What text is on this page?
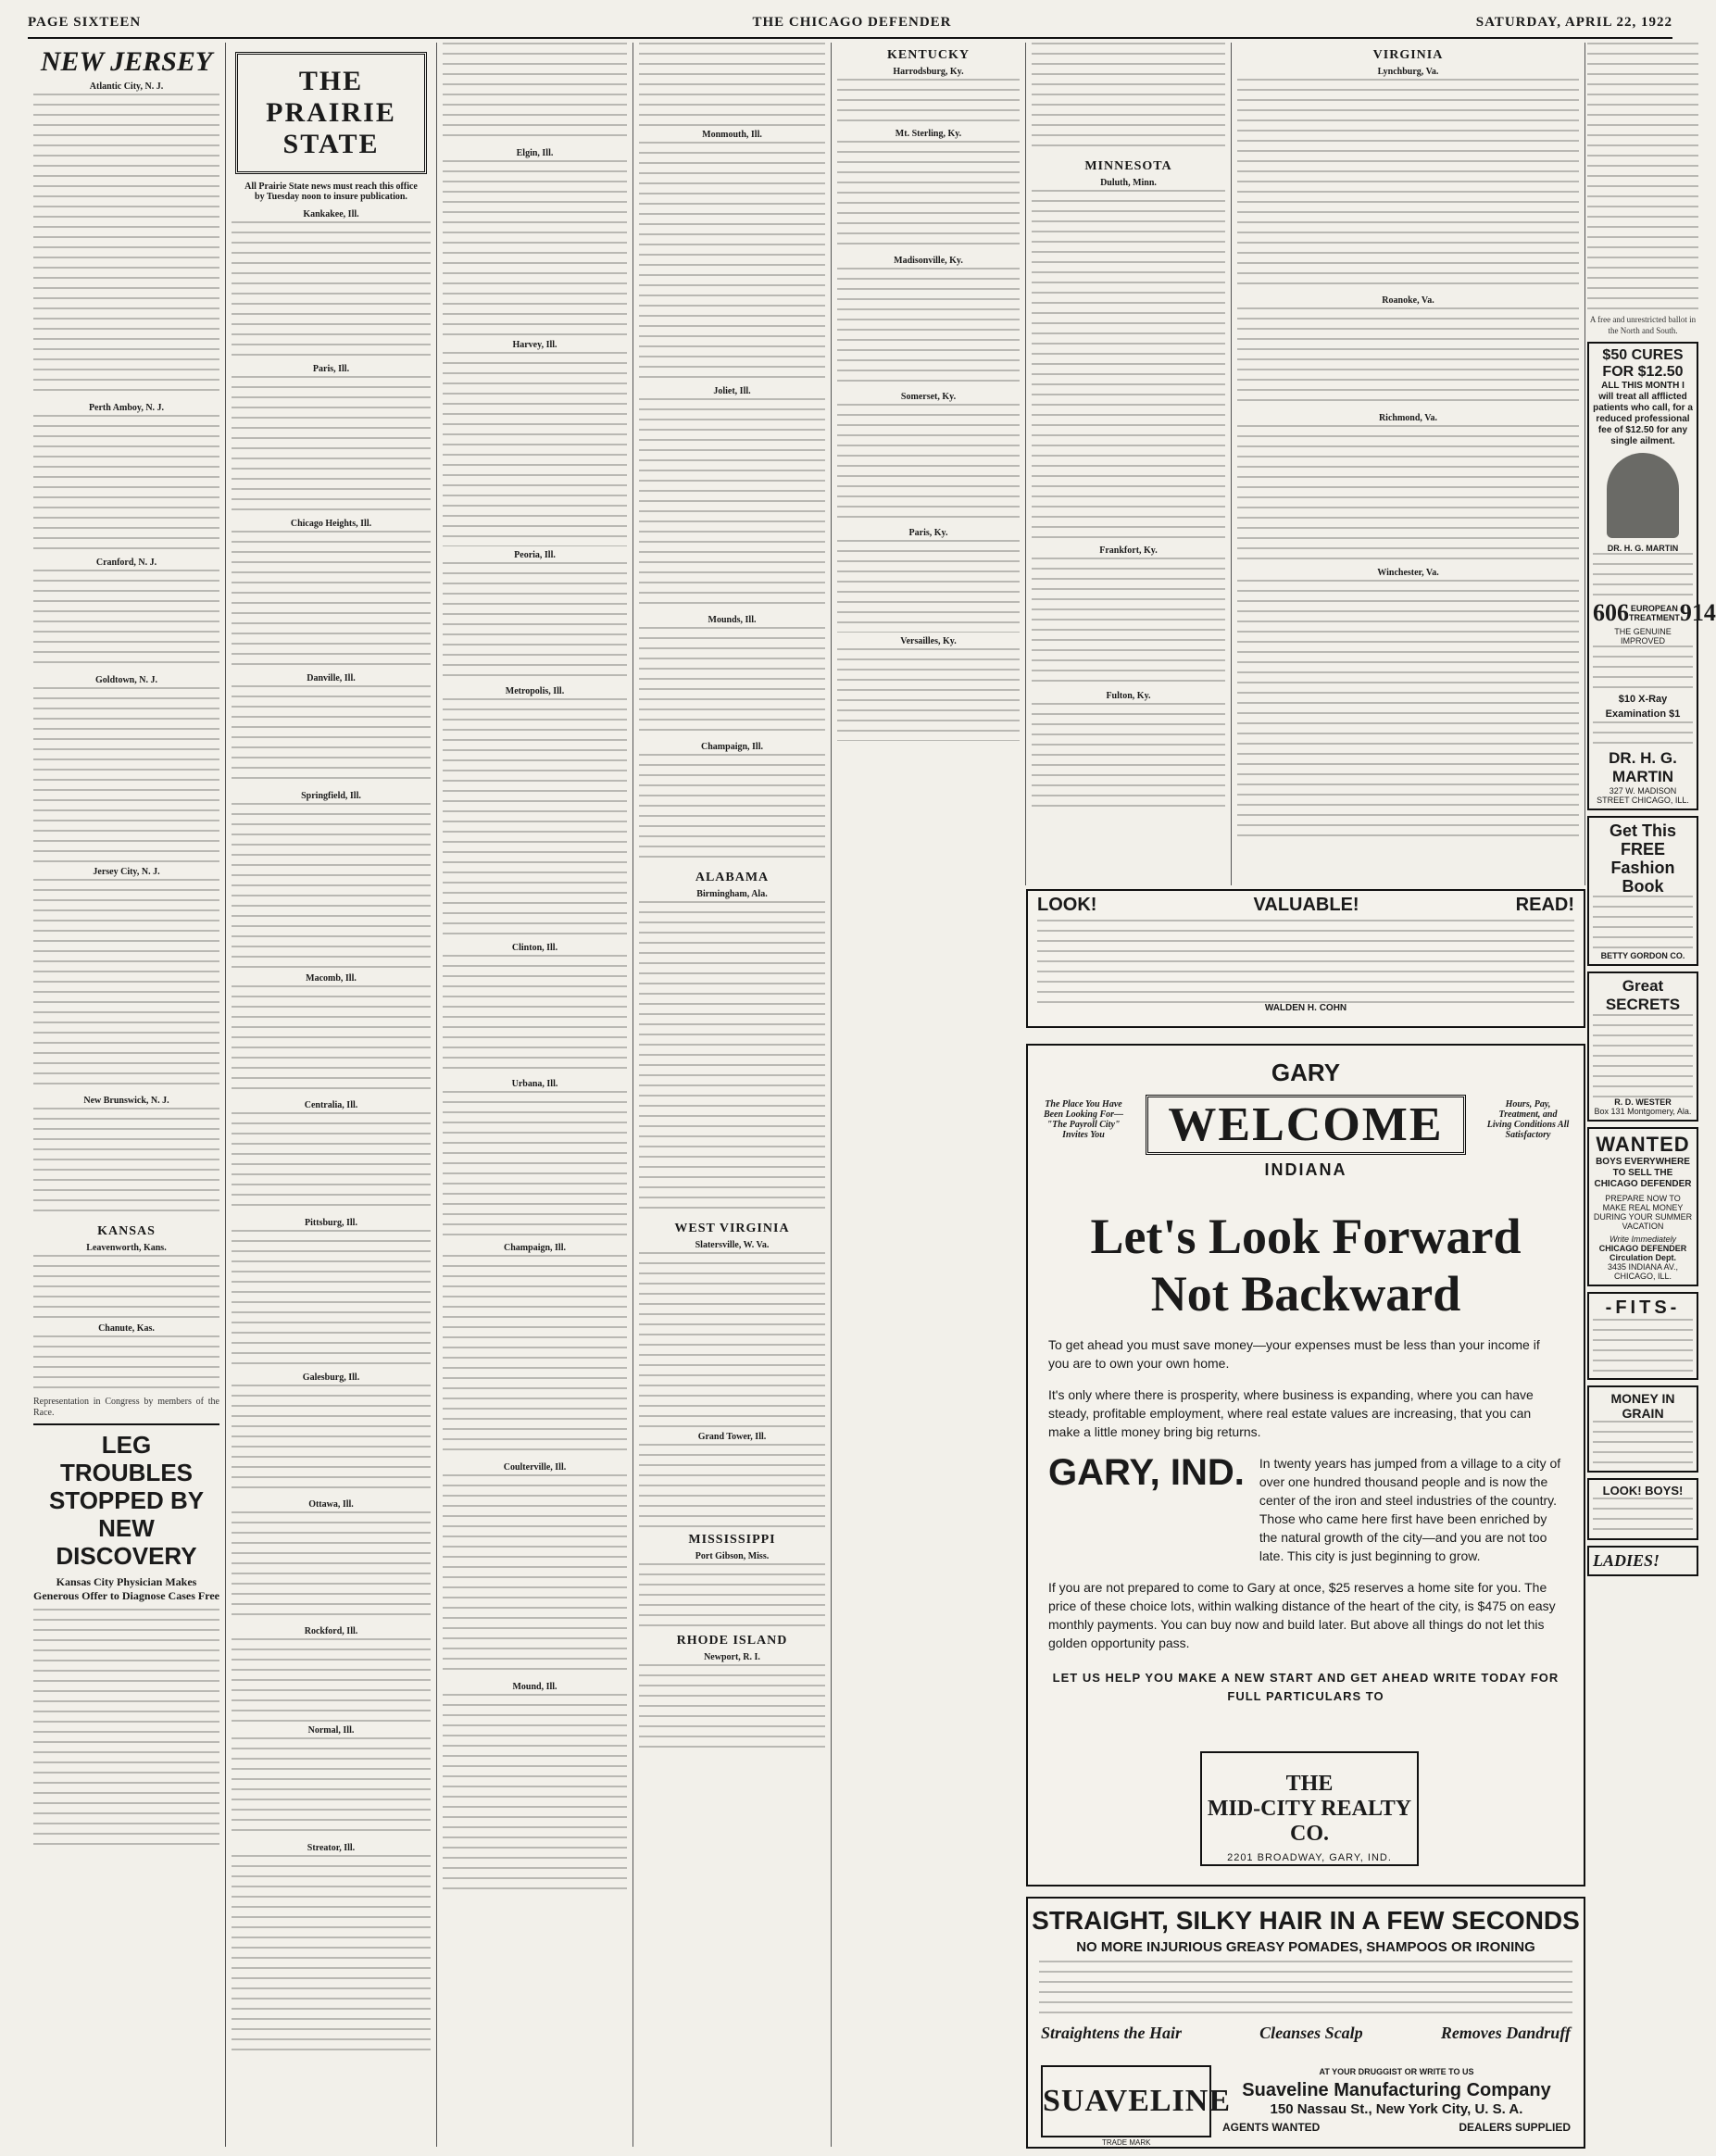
PAGE SIXTEEN	THE CHICAGO DEFENDER	SATURDAY, APRIL 22, 1922
NEW JERSEY
Atlantic City, N. J.
Perth Amboy, N. J.
Cranford, N. J.
Goldtown, N. J.
Jersey City, N. J.
New Brunswick, N. J.
KANSAS
Leavenworth, Kans.
Chanute, Kas.
Representation in Congress by members of the Race.
LEG TROUBLES STOPPED BY NEW DISCOVERY
Kansas City Physician Makes Generous Offer to Diagnose Cases Free
THE PRAIRIE STATE
All Prairie State news must reach this office by Tuesday noon to insure publication.
Kankakee, Ill.
Paris, Ill.
Chicago Heights, Ill.
Danville, Ill.
Springfield, Ill.
Macomb, Ill.
Centralia, Ill.
Pittsburg, Ill.
Galesburg, Ill.
Ottawa, Ill.
Rockford, Ill.
Normal, Ill.
Streator, Ill.
Elgin, Ill.
Harvey, Ill.
Peoria, Ill.
Metropolis, Ill.
Clinton, Ill.
Urbana, Ill.
Champaign, Ill.
Coulterville, Ill.
Mound, Ill.
Monmouth, Ill.
Joliet, Ill.
Mounds, Ill.
Champaign, Ill.
ALABAMA
Birmingham, Ala.
WEST VIRGINIA
Slatersville, W. Va.
Grand Tower, Ill.
MISSISSIPPI
Port Gibson, Miss.
RHODE ISLAND
Newport, R. I.
KENTUCKY
Harrodsburg, Ky.
Mt. Sterling, Ky.
Madisonville, Ky.
Somerset, Ky.
Paris, Ky.
Versailles, Ky.
MINNESOTA
Duluth, Minn.
Frankfort, Ky.
Fulton, Ky.
VIRGINIA
Lynchburg, Va.
Roanoke, Va.
Richmond, Va.
Winchester, Va.
LOOK!	VALUABLE!	READ!
WALDEN H. COHN
The Place You Have Been Looking For— "The Payroll City" Invites You
Hours, Pay, Treatment, and Living Conditions All Satisfactory
GARY
WELCOME
INDIANA
Let's Look Forward
Not Backward
To get ahead you must save money—your expenses must be less than your income if you are to own your own home.
It's only where there is prosperity, where business is expanding, where you can have steady, profitable employment, where real estate values are increasing, that you can make a little money bring big returns.
GARY, IND. In twenty years has jumped from a village to a city of over one hundred thousand people and is now the center of the iron and steel industries of the country. Those who came here first have been enriched by the natural growth of the city—and you are not too late. This city is just beginning to grow.
If you are not prepared to come to Gary at once, $25 reserves a home site for you. The price of these choice lots, within walking distance of the heart of the city, is $475 on easy monthly payments. You can buy now and build later. But above all things do not let this golden opportunity pass.
LET US HELP YOU MAKE A NEW START AND GET AHEAD WRITE TODAY FOR FULL PARTICULARS TO
THE
MID-CITY REALTY CO.
2201 BROADWAY, GARY, IND.
STRAIGHT, SILKY HAIR IN A FEW SECONDS
NO MORE INJURIOUS GREASY POMADES, SHAMPOOS OR IRONING
Straightens the Hair	Cleanses Scalp	Removes Dandruff
SUAVELINE
TRADE MARK
AT YOUR DRUGGIST OR WRITE TO US
Suaveline Manufacturing Company
150 Nassau St., New York City, U. S. A.
AGENTS WANTED	DEALERS SUPPLIED
A free and unrestricted ballot in the North and South.
$50 CURES FOR $12.50
ALL THIS MONTH I will treat all afflicted patients who call, for a reduced professional fee of $12.50 for any single ailment.
DR. H. G. MARTIN
606 EUROPEAN TREATMENT 914
THE GENUINE IMPROVED
$10 X-Ray Examination $1
DR. H. G. MARTIN
327 W. MADISON STREET CHICAGO, ILL.
Get This FREE Fashion Book
BETTY GORDON CO.
Great SECRETS
R. D. WESTER
Box 131 Montgomery, Ala.
WANTED
BOYS EVERYWHERE TO SELL THE CHICAGO DEFENDER
PREPARE NOW TO MAKE REAL MONEY DURING YOUR SUMMER VACATION
Write Immediately
CHICAGO DEFENDER Circulation Dept.
3435 INDIANA AV., CHICAGO, ILL.
-FITS-
MONEY IN GRAIN
LOOK! BOYS!
LADIES!
